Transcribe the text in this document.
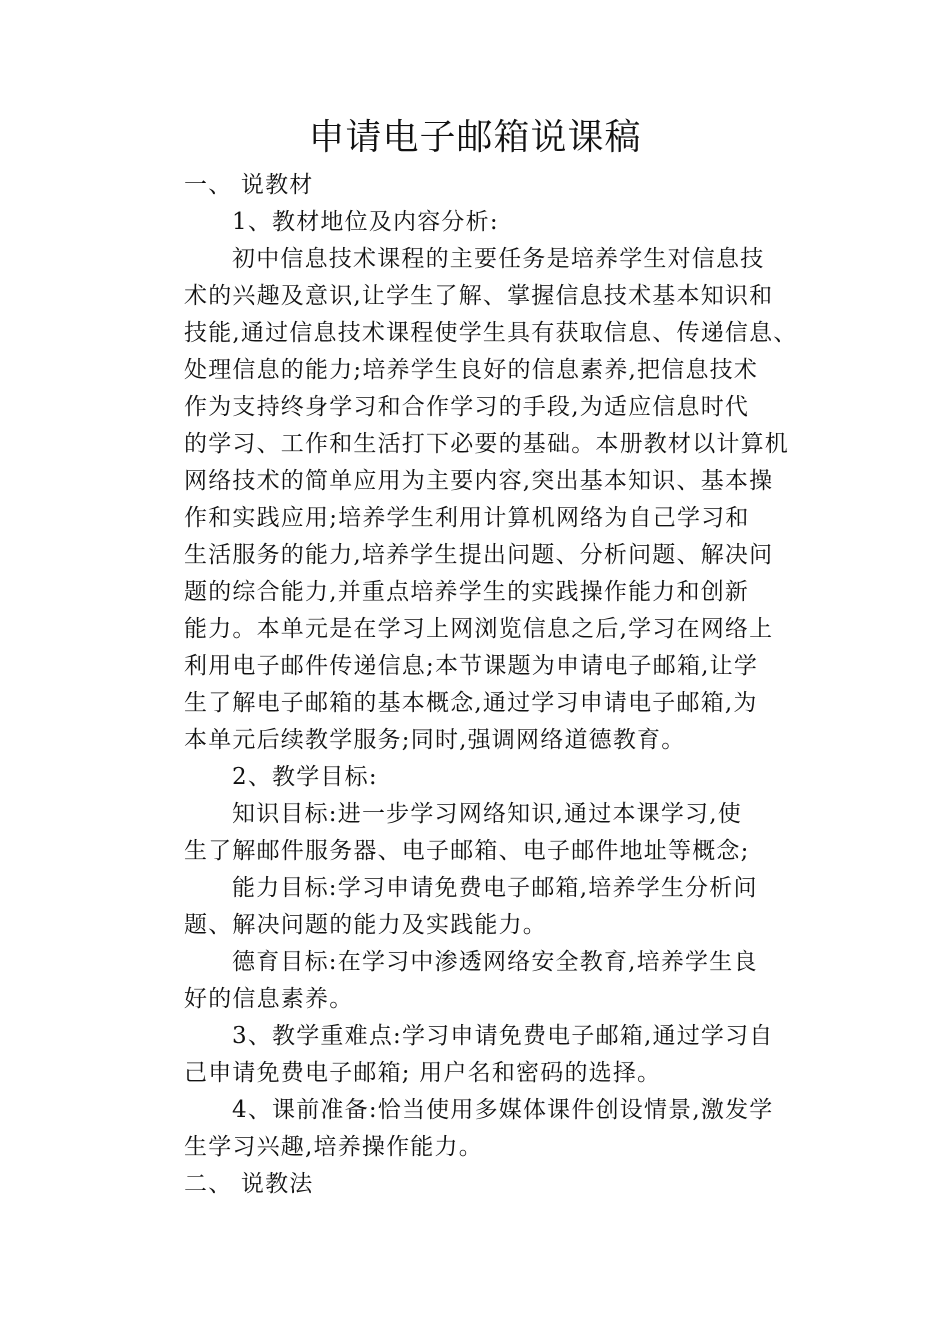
申请电子邮箱说课稿
一、 说教材
1、教材地位及内容分析:
初中信息技术课程的主要任务是培养学生对信息技
术的兴趣及意识,让学生了解、掌握信息技术基本知识和
技能,通过信息技术课程使学生具有获取信息、传递信息、
处理信息的能力;培养学生良好的信息素养,把信息技术
作为支持终身学习和合作学习的手段,为适应信息时代
的学习、工作和生活打下必要的基础。本册教材以计算机
网络技术的简单应用为主要内容,突出基本知识、基本操
作和实践应用;培养学生利用计算机网络为自己学习和
生活服务的能力,培养学生提出问题、分析问题、解决问
题的综合能力,并重点培养学生的实践操作能力和创新
能力。本单元是在学习上网浏览信息之后,学习在网络上
利用电子邮件传递信息;本节课题为申请电子邮箱,让学
生了解电子邮箱的基本概念,通过学习申请电子邮箱,为
本单元后续教学服务;同时,强调网络道德教育。
2、教学目标:
知识目标:进一步学习网络知识,通过本课学习,使
生了解邮件服务器、电子邮箱、电子邮件地址等概念;
能力目标:学习申请免费电子邮箱,培养学生分析问
题、解决问题的能力及实践能力。
德育目标:在学习中渗透网络安全教育,培养学生良
好的信息素养。
3、教学重难点:学习申请免费电子邮箱,通过学习自
己申请免费电子邮箱; 用户名和密码的选择。
4、课前准备:恰当使用多媒体课件创设情景,激发学
生学习兴趣,培养操作能力。
二、 说教法
